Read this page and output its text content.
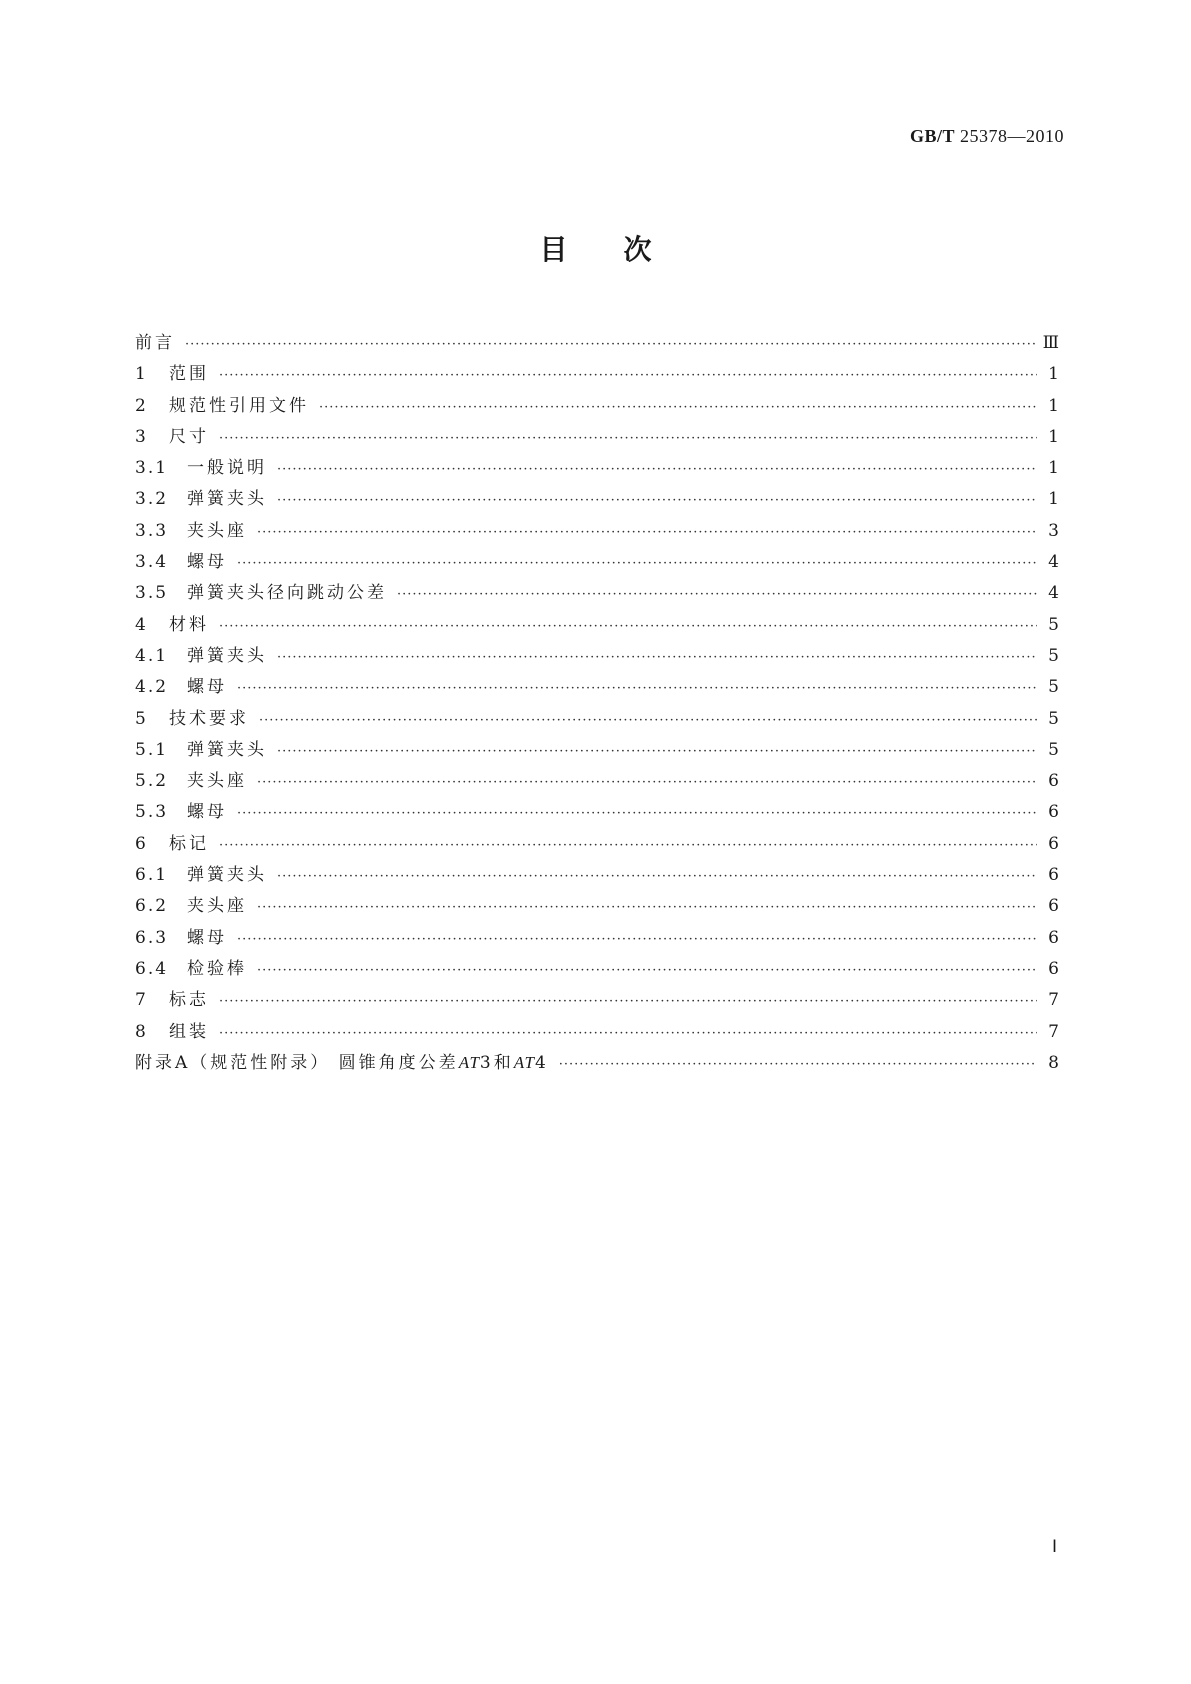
GB/T 25378—2010
目次
前言 ·····	Ⅲ
1	范围 ·····	1
2	规范性引用文件 ·····	1
3	尺寸 ·····	1
3.1	一般说明 ·····	1
3.2	弹簧夹头 ·····	1
3.3	夹头座 ·····	3
3.4	螺母 ·····	4
3.5	弹簧夹头径向跳动公差 ·····	4
4	材料 ·····	5
4.1	弹簧夹头 ·····	5
4.2	螺母 ·····	5
5	技术要求 ·····	5
5.1	弹簧夹头 ·····	5
5.2	夹头座 ·····	6
5.3	螺母 ·····	6
6	标记 ·····	6
6.1	弹簧夹头 ·····	6
6.2	夹头座 ·····	6
6.3	螺母 ·····	6
6.4	检验棒 ·····	6
7	标志 ·····	7
8	组装 ·····	7
附录A（规范性附录） 圆锥角度公差AT3和AT4 ·····	8
Ⅰ
